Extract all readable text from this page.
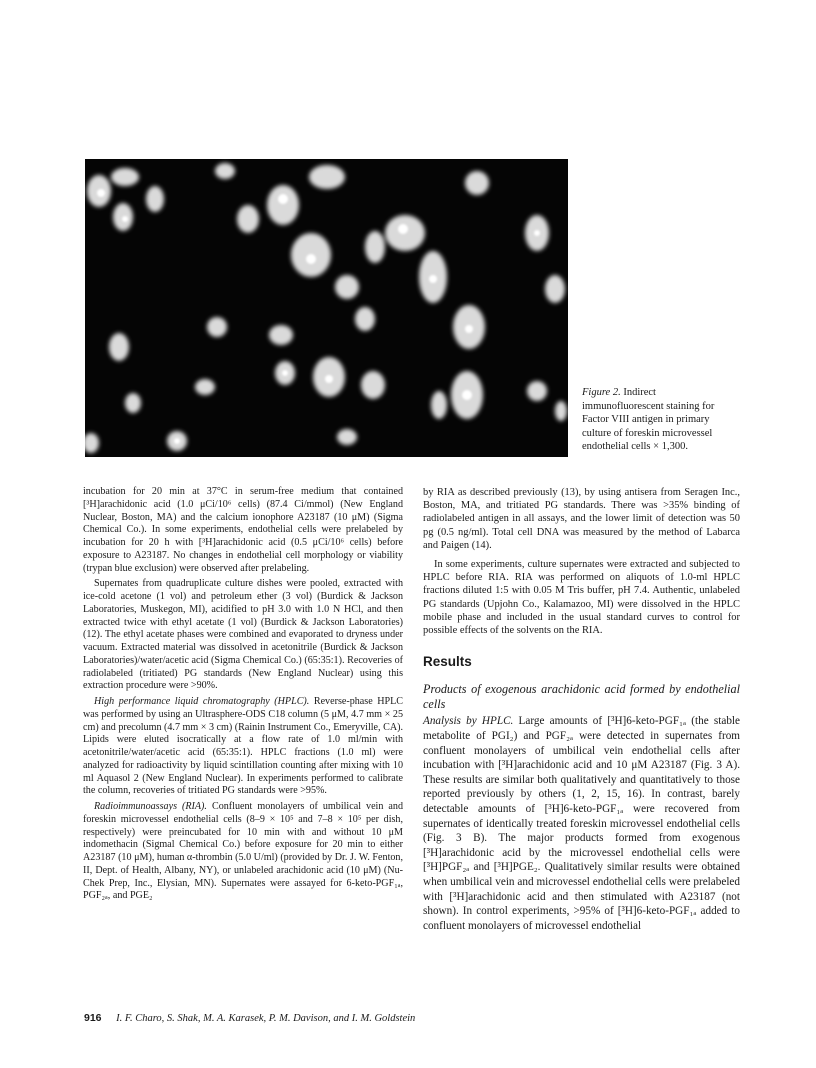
Figure 2. Indirect immunofluorescent staining for Factor VIII antigen in primary culture of foreskin microvessel endothelial cells × 1,300.

incubation for 20 min at 37°C in serum-free medium that contained [³H]arachidonic acid (1.0 μCi/10⁶ cells) (87.4 Ci/mmol) (New England Nuclear, Boston, MA) and the calcium ionophore A23187 (10 μM) (Sigma Chemical Co.). In some experiments, endothelial cells were prelabeled by incubation for 20 h with [³H]arachidonic acid (0.5 μCi/10⁶ cells) before exposure to A23187. No changes in endothelial cell morphology or viability (trypan blue exclusion) were observed after prelabeling.

Supernates from quadruplicate culture dishes were pooled, extracted with ice-cold acetone (1 vol) and petroleum ether (3 vol) (Burdick & Jackson Laboratories, Muskegon, MI), acidified to pH 3.0 with 1.0 N HCl, and then extracted twice with ethyl acetate (1 vol) (Burdick & Jackson Laboratories) (12). The ethyl acetate phases were combined and evaporated to dryness under vacuum. Extracted material was dissolved in acetonitrile (Burdick & Jackson Laboratories)/water/acetic acid (Sigma Chemical Co.) (65:35:1). Recoveries of radiolabeled (tritiated) PG standards (New England Nuclear) using this extraction procedure were >90%.

High performance liquid chromatography (HPLC). Reverse-phase HPLC was performed by using an Ultrasphere-ODS C18 column (5 μM, 4.7 mm × 25 cm) and precolumn (4.7 mm × 3 cm) (Rainin Instrument Co., Emeryville, CA). Lipids were eluted isocratically at a flow rate of 1.0 ml/min with acetonitrile/water/acetic acid (65:35:1). HPLC fractions (1.0 ml) were analyzed for radioactivity by liquid scintillation counting after mixing with 10 ml Aquasol 2 (New England Nuclear). In experiments performed to calibrate the column, recoveries of tritiated PG standards were >95%.

Radioimmunoassays (RIA). Confluent monolayers of umbilical vein and foreskin microvessel endothelial cells (8–9 × 10⁵ and 7–8 × 10⁵ per dish, respectively) were preincubated for 10 min with and without 10 μM indomethacin (Sigmal Chemical Co.) before exposure for 20 min to either A23187 (10 μM), human α-thrombin (5.0 U/ml) (provided by Dr. J. W. Fenton, II, Dept. of Health, Albany, NY), or unlabeled arachidonic acid (10 μM) (Nu-Chek Prep, Inc., Elysian, MN). Supernates were assayed for 6-keto-PGF₁ₐ, PGF₂ₐ, and PGE₂

by RIA as described previously (13), by using antisera from Seragen Inc., Boston, MA, and tritiated PG standards. There was >35% binding of radiolabeled antigen in all assays, and the lower limit of detection was 50 pg (0.5 ng/ml). Total cell DNA was measured by the method of Labarca and Paigen (14).

In some experiments, culture supernates were extracted and subjected to HPLC before RIA. RIA was performed on aliquots of 1.0-ml HPLC fractions diluted 1:5 with 0.05 M Tris buffer, pH 7.4. Authentic, unlabeled PG standards (Upjohn Co., Kalamazoo, MI) were dissolved in the HPLC mobile phase and included in the usual standard curves to control for possible effects of the solvents on the RIA.

Results
Products of exogenous arachidonic acid formed by endothelial cells

Analysis by HPLC. Large amounts of [³H]6-keto-PGF₁ₐ (the stable metabolite of PGI₂) and PGF₂ₐ were detected in supernates from confluent monolayers of umbilical vein endothelial cells after incubation with [³H]arachidonic acid and 10 μM A23187 (Fig. 3 A). These results are similar both qualitatively and quantitatively to those reported previously by others (1, 2, 15, 16). In contrast, barely detectable amounts of [³H]6-keto-PGF₁ₐ were recovered from supernates of identically treated foreskin microvessel endothelial cells (Fig. 3 B). The major products formed from exogenous [³H]arachidonic acid by the microvessel endothelial cells were [³H]PGF₂ₐ and [³H]PGE₂. Qualitatively similar results were obtained when umbilical vein and microvessel endothelial cells were prelabeled with [³H]arachidonic acid and then stimulated with A23187 (not shown). In control experiments, >95% of [³H]6-keto-PGF₁ₐ added to confluent monolayers of microvessel endothelial

916 I. F. Charo, S. Shak, M. A. Karasek, P. M. Davison, and I. M. Goldstein
